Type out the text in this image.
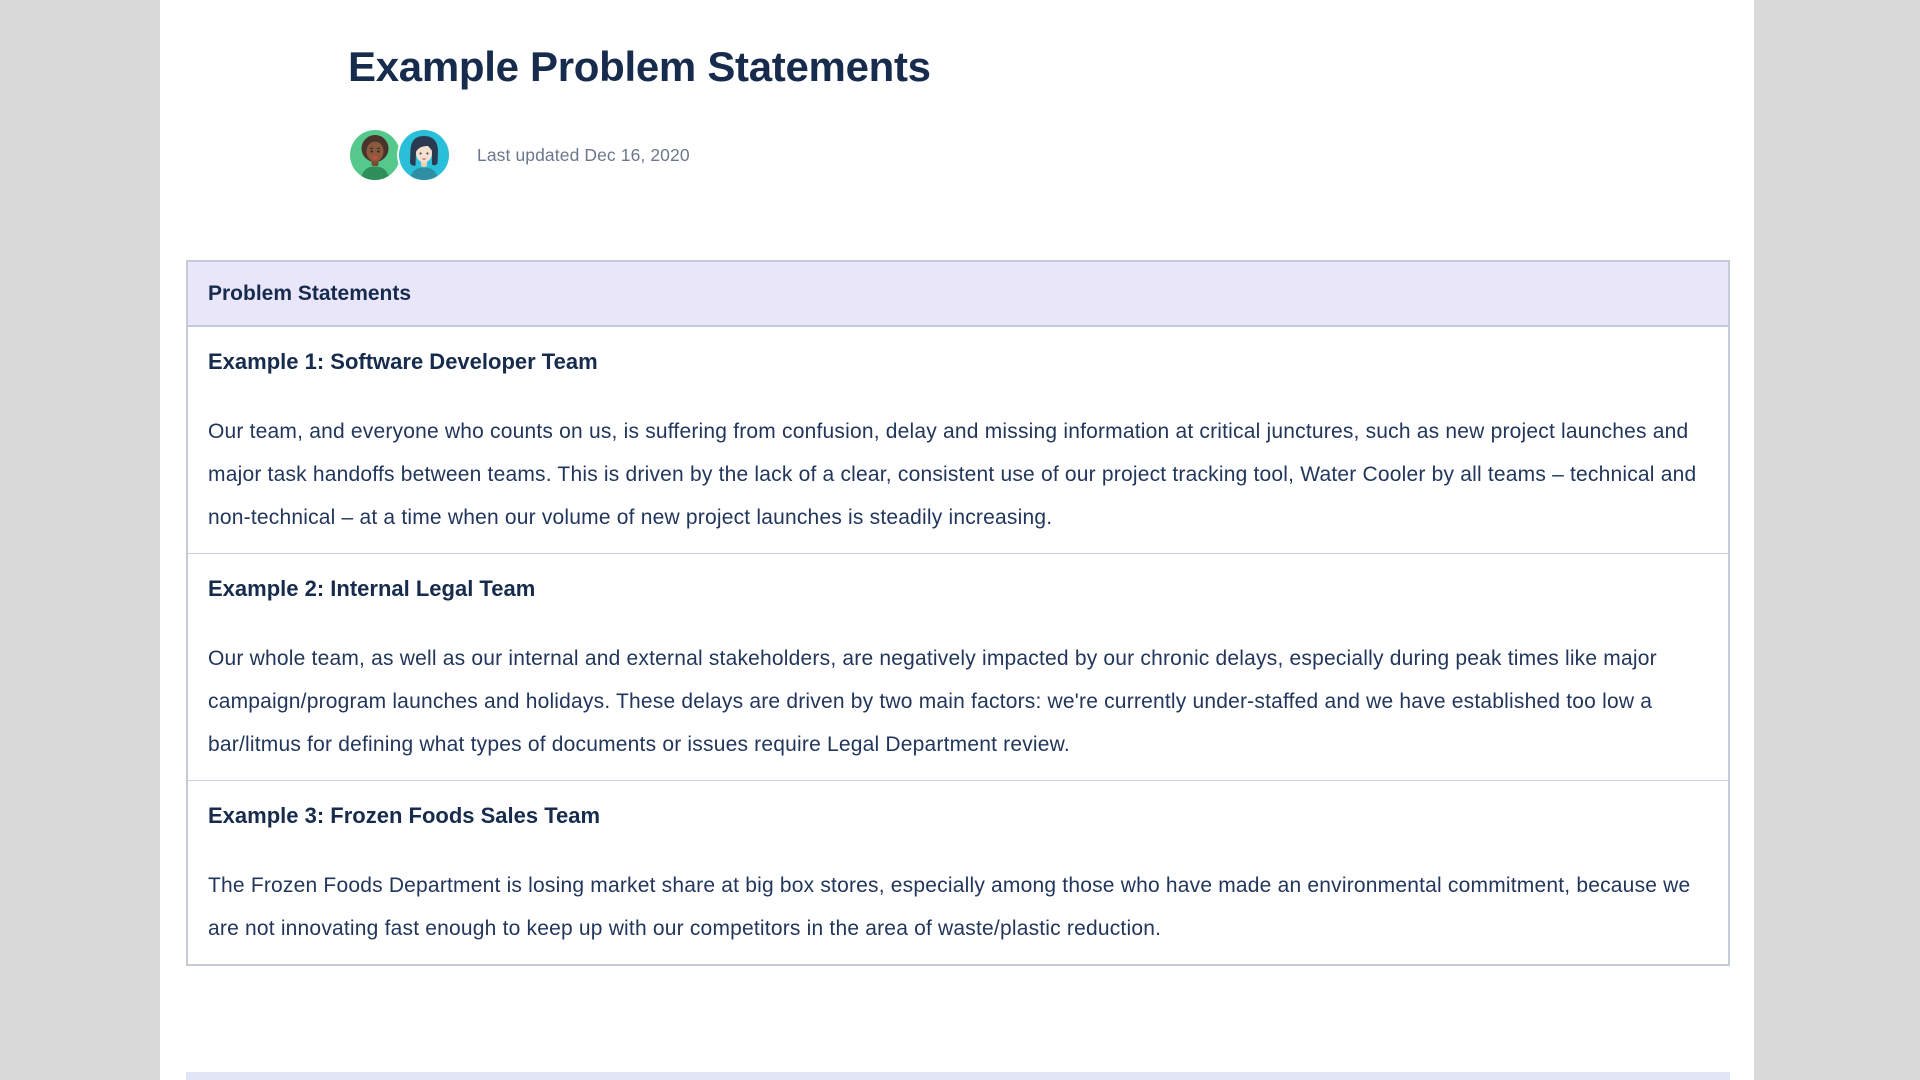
Example Problem Statements
Last updated Dec 16, 2020
Problem Statements
Example 1: Software Developer Team

Our team, and everyone who counts on us, is suffering from confusion, delay and missing information at critical junctures, such as new project launches and major task handoffs between teams. This is driven by the lack of a clear, consistent use of our project tracking tool, Water Cooler by all teams – technical and non-technical – at a time when our volume of new project launches is steadily increasing.

Example 2: Internal Legal Team

Our whole team, as well as our internal and external stakeholders, are negatively impacted by our chronic delays, especially during peak times like major campaign/program launches and holidays. These delays are driven by two main factors: we're currently under-staffed and we have established too low a bar/litmus for defining what types of documents or issues require Legal Department review.

Example 3: Frozen Foods Sales Team

The Frozen Foods Department is losing market share at big box stores, especially among those who have made an environmental commitment, because we are not innovating fast enough to keep up with our competitors in the area of waste/plastic reduction.
